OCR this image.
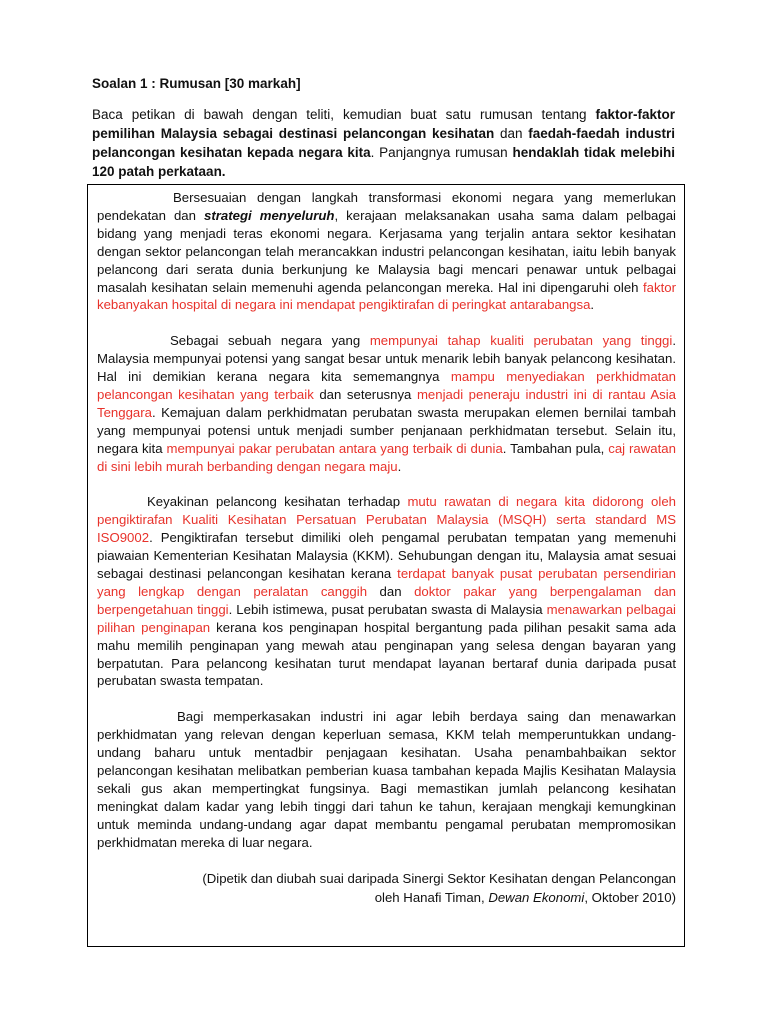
Soalan 1 : Rumusan [30 markah]
Baca petikan di bawah dengan teliti, kemudian buat satu rumusan tentang faktor-faktor pemilihan Malaysia sebagai destinasi pelancongan kesihatan dan faedah-faedah industri pelancongan kesihatan kepada negara kita. Panjangnya rumusan hendaklah tidak melebihi 120 patah perkataan.

Bersesuaian dengan langkah transformasi ekonomi negara yang memerlukan pendekatan dan strategi menyeluruh, kerajaan melaksanakan usaha sama dalam pelbagai bidang yang menjadi teras ekonomi negara. Kerjasama yang terjalin antara sektor kesihatan dengan sektor pelancongan telah merancakkan industri pelancongan kesihatan, iaitu lebih banyak pelancong dari serata dunia berkunjung ke Malaysia bagi mencari penawar untuk pelbagai masalah kesihatan selain memenuhi agenda pelancongan mereka. Hal ini dipengaruhi oleh faktor kebanyakan hospital di negara ini mendapat pengiktirafan di peringkat antarabangsa.

Sebagai sebuah negara yang mempunyai tahap kualiti perubatan yang tinggi. Malaysia mempunyai potensi yang sangat besar untuk menarik lebih banyak pelancong kesihatan. Hal ini demikian kerana negara kita sememangnya mampu menyediakan perkhidmatan pelancongan kesihatan yang terbaik dan seterusnya menjadi peneraju industri ini di rantau Asia Tenggara. Kemajuan dalam perkhidmatan perubatan swasta merupakan elemen bernilai tambah yang mempunyai potensi untuk menjadi sumber penjanaan perkhidmatan tersebut. Selain itu, negara kita mempunyai pakar perubatan antara yang terbaik di dunia. Tambahan pula, caj rawatan di sini lebih murah berbanding dengan negara maju.

Keyakinan pelancong kesihatan terhadap mutu rawatan di negara kita didorong oleh pengiktirafan Kualiti Kesihatan Persatuan Perubatan Malaysia (MSQH) serta standard MS ISO9002. Pengiktirafan tersebut dimiliki oleh pengamal perubatan tempatan yang memenuhi piawaian Kementerian Kesihatan Malaysia (KKM). Sehubungan dengan itu, Malaysia amat sesuai sebagai destinasi pelancongan kesihatan kerana terdapat banyak pusat perubatan persendirian yang lengkap dengan peralatan canggih dan doktor pakar yang berpengalaman dan berpengetahuan tinggi. Lebih istimewa, pusat perubatan swasta di Malaysia menawarkan pelbagai pilihan penginapan kerana kos penginapan hospital bergantung pada pilihan pesakit sama ada mahu memilih penginapan yang mewah atau penginapan yang selesa dengan bayaran yang berpatutan. Para pelancong kesihatan turut mendapat layanan bertaraf dunia daripada pusat perubatan swasta tempatan.

Bagi memperkasakan industri ini agar lebih berdaya saing dan menawarkan perkhidmatan yang relevan dengan keperluan semasa, KKM telah memperuntukkan undang-undang baharu untuk mentadbir penjagaan kesihatan. Usaha penambahbaikan sektor pelancongan kesihatan melibatkan pemberian kuasa tambahan kepada Majlis Kesihatan Malaysia sekali gus akan mempertingkat fungsinya. Bagi memastikan jumlah pelancong kesihatan meningkat dalam kadar yang lebih tinggi dari tahun ke tahun, kerajaan mengkaji kemungkinan untuk meminda undang-undang agar dapat membantu pengamal perubatan mempromosikan perkhidmatan mereka di luar negara.

(Dipetik dan diubah suai daripada Sinergi Sektor Kesihatan dengan Pelancongan
oleh Hanafi Timan, Dewan Ekonomi, Oktober 2010)
